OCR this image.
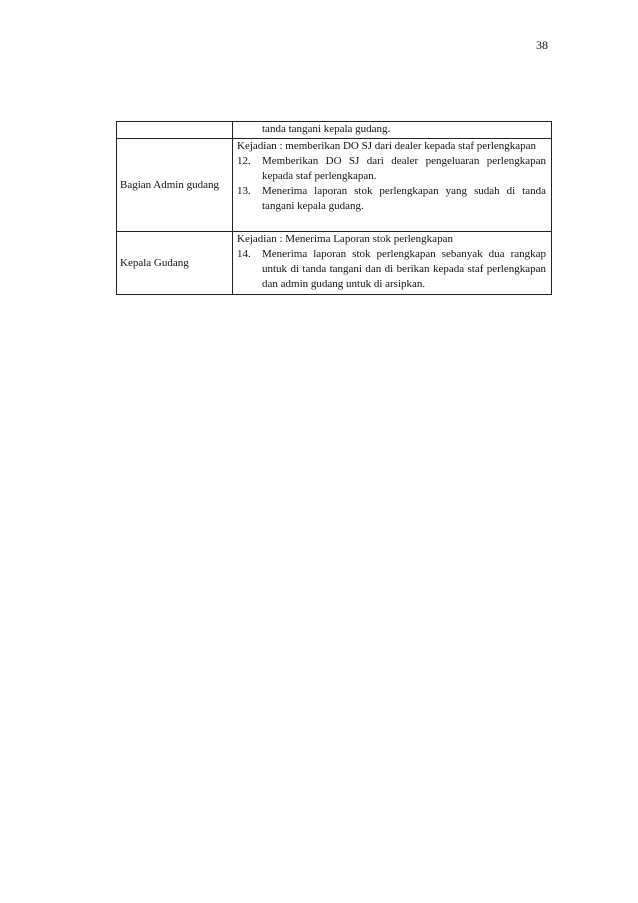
38

	tanda tangani kepala gudang.

Bagian Admin gudang	Kejadian : memberikan DO SJ dari dealer kepada staf perlengkapan
12. Memberikan DO SJ dari dealer pengeluaran perlengkapan kepada staf perlengkapan.
13. Menerima laporan stok perlengkapan yang sudah di tanda tangani kepala gudang.

Kepala Gudang	Kejadian : Menerima Laporan stok perlengkapan
14. Menerima laporan stok perlengkapan sebanyak dua rangkap untuk di tanda tangani dan di berikan kepada staf perlengkapan dan admin gudang untuk di arsipkan.
